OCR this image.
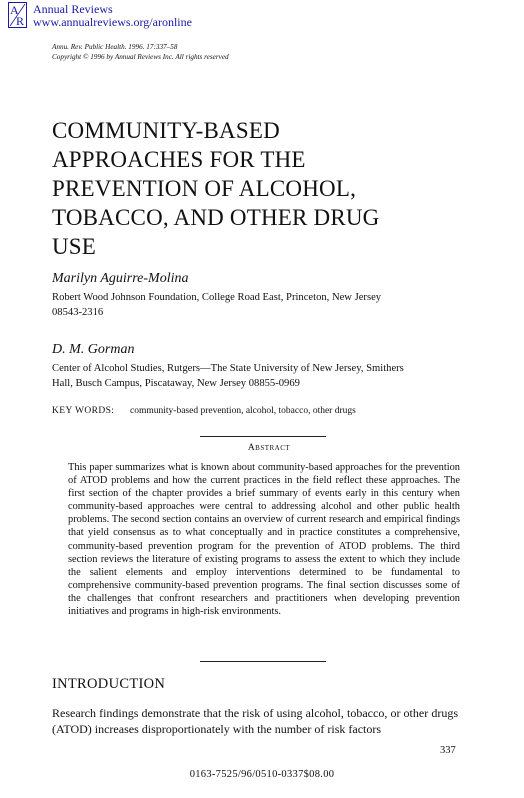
A
R
Annual Reviews
www.annualreviews.org/aronline
Annu. Rev. Public Health. 1996. 17:337–58
Copyright © 1996 by Annual Reviews Inc. All rights reserved
COMMUNITY-BASED
APPROACHES FOR THE
PREVENTION OF ALCOHOL,
TOBACCO, AND OTHER DRUG
USE
Marilyn Aguirre-Molina
Robert Wood Johnson Foundation, College Road East, Princeton, New Jersey
08543-2316
D. M. Gorman
Center of Alcohol Studies, Rutgers—The State University of New Jersey, Smithers
Hall, Busch Campus, Piscataway, New Jersey 08855-0969
KEY WORDS: community-based prevention, alcohol, tobacco, other drugs
Abstract
This paper summarizes what is known about community-based approaches for the prevention of ATOD problems and how the current practices in the field reflect these approaches. The first section of the chapter provides a brief summary of events early in this century when community-based approaches were central to addressing alcohol and other public health problems. The second section contains an overview of current research and empirical findings that yield consensus as to what conceptually and in practice constitutes a comprehensive, community-based prevention program for the prevention of ATOD problems. The third section reviews the literature of existing programs to assess the extent to which they include the salient elements and employ interventions determined to be fundamental to comprehensive community-based prevention programs. The final section discusses some of the challenges that confront researchers and practitioners when developing prevention initiatives and programs in high-risk environments.
INTRODUCTION
Research findings demonstrate that the risk of using alcohol, tobacco, or other drugs (ATOD) increases disproportionately with the number of risk factors
337
0163-7525/96/0510-0337$08.00
